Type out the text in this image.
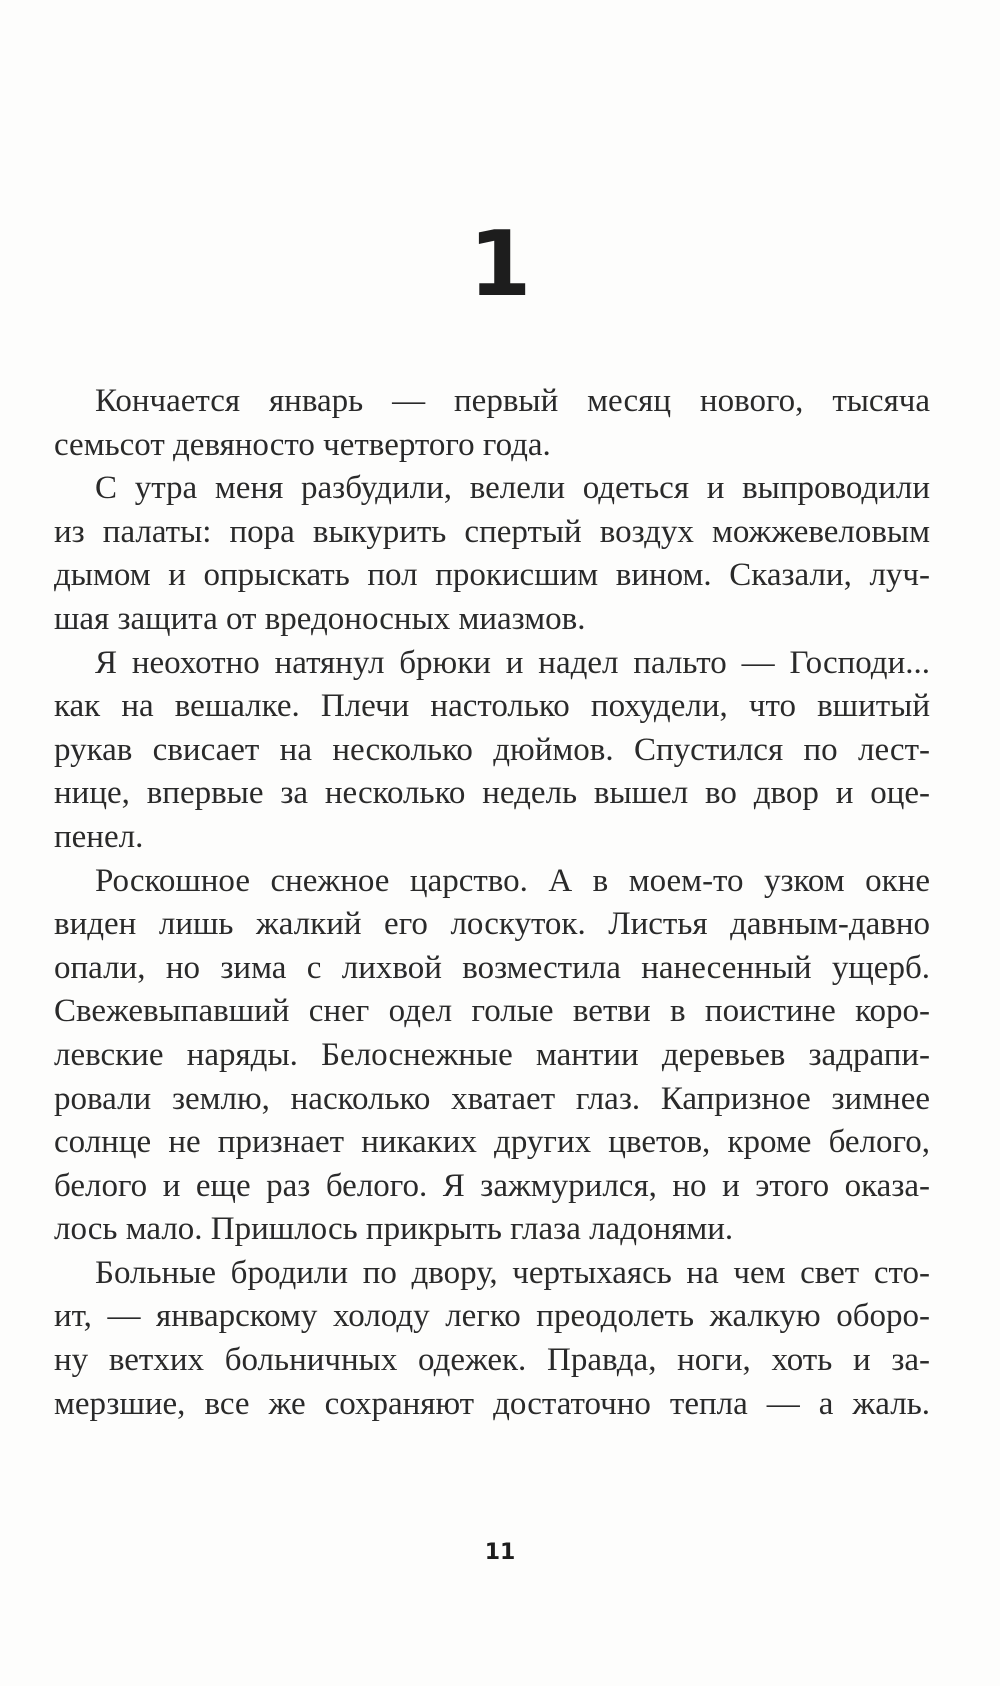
1
Кончается январь — первый месяц нового, тысяча
семьсот девяносто четвертого года.
С утра меня разбудили, велели одеться и выпроводили
из палаты: пора выкурить спертый воздух можжевеловым
дымом и опрыскать пол прокисшим вином. Сказали, луч-
шая защита от вредоносных миазмов.
Я неохотно натянул брюки и надел пальто — Господи...
как на вешалке. Плечи настолько похудели, что вшитый
рукав свисает на несколько дюймов. Спустился по лест-
нице, впервые за несколько недель вышел во двор и оце-
пенел.
Роскошное снежное царство. А в моем-то узком окне
виден лишь жалкий его лоскуток. Листья давным-давно
опали, но зима с лихвой возместила нанесенный ущерб.
Свежевыпавший снег одел голые ветви в поистине коро-
левские наряды. Белоснежные мантии деревьев задрапи-
ровали землю, насколько хватает глаз. Капризное зимнее
солнце не признает никаких других цветов, кроме белого,
белого и еще раз белого. Я зажмурился, но и этого оказа-
лось мало. Пришлось прикрыть глаза ладонями.
Больные бродили по двору, чертыхаясь на чем свет сто-
ит, — январскому холоду легко преодолеть жалкую оборо-
ну ветхих больничных одежек. Правда, ноги, хоть и за-
мерзшие, все же сохраняют достаточно тепла — а жаль.
11
